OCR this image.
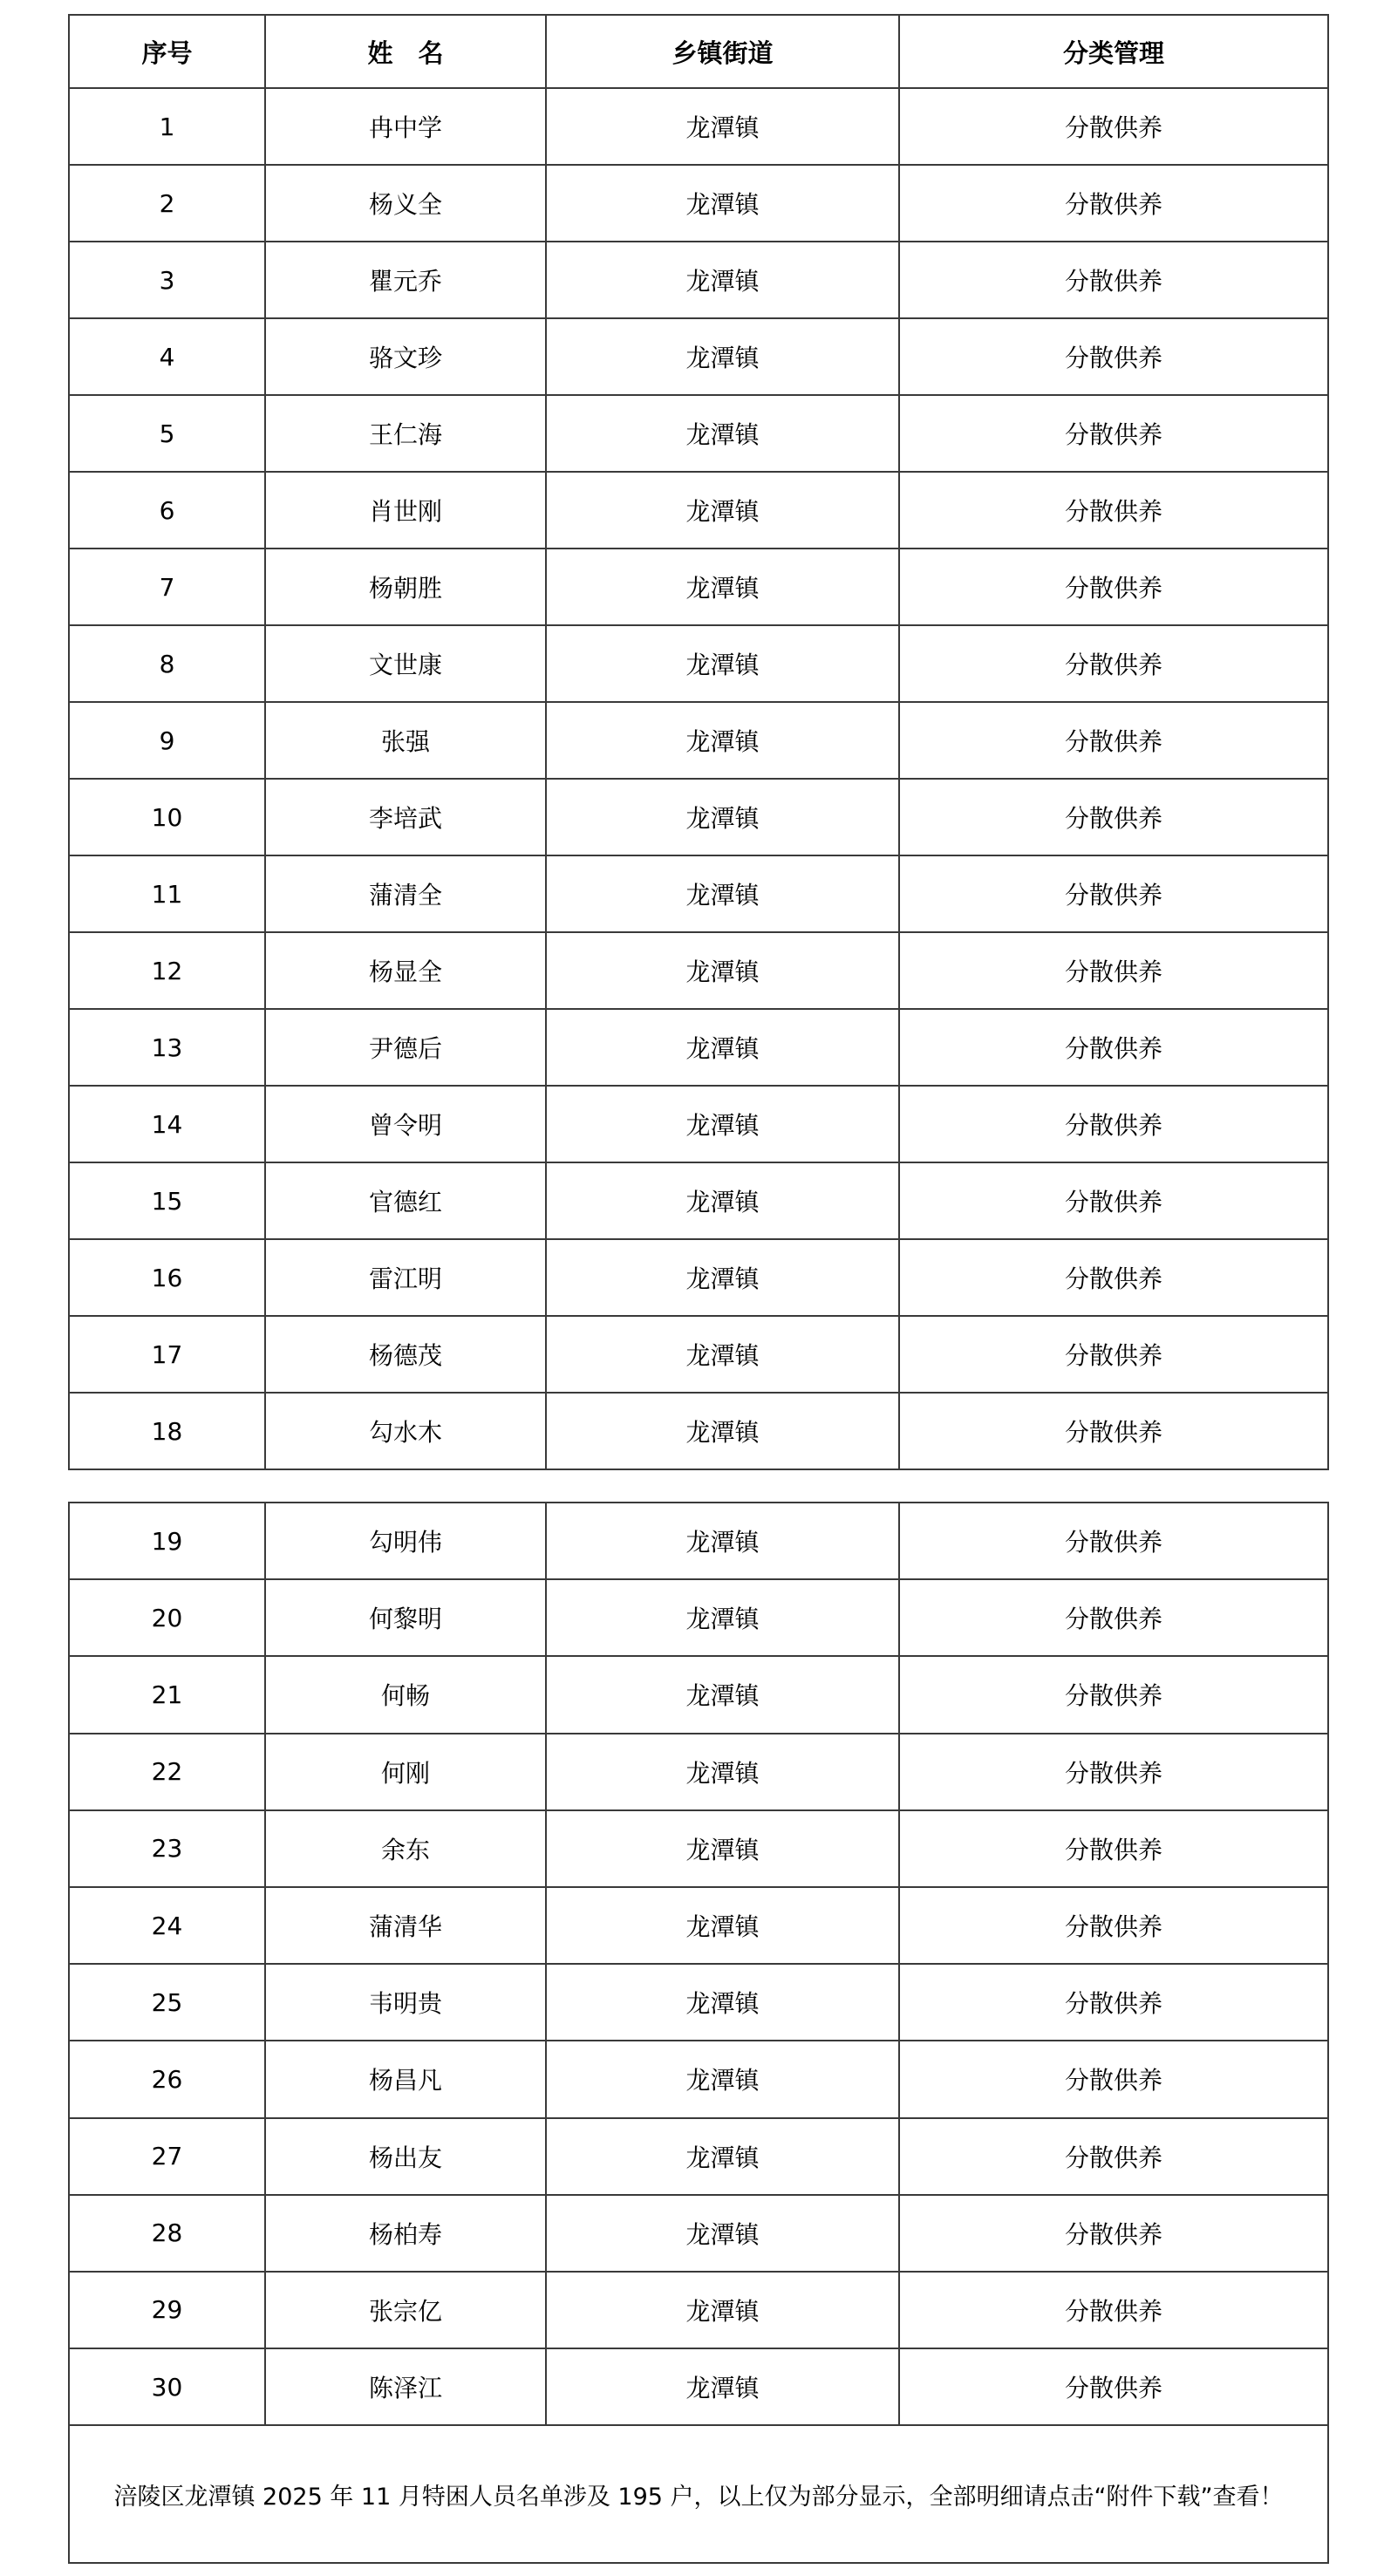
序号	姓　名	乡镇街道	分类管理
1	冉中学	龙潭镇	分散供养
2	杨义全	龙潭镇	分散供养
3	瞿元乔	龙潭镇	分散供养
4	骆文珍	龙潭镇	分散供养
5	王仁海	龙潭镇	分散供养
6	肖世刚	龙潭镇	分散供养
7	杨朝胜	龙潭镇	分散供养
8	文世康	龙潭镇	分散供养
9	张强	龙潭镇	分散供养
10	李培武	龙潭镇	分散供养
11	蒲清全	龙潭镇	分散供养
12	杨显全	龙潭镇	分散供养
13	尹德后	龙潭镇	分散供养
14	曾令明	龙潭镇	分散供养
15	官德红	龙潭镇	分散供养
16	雷江明	龙潭镇	分散供养
17	杨德茂	龙潭镇	分散供养
18	勾水木	龙潭镇	分散供养
19	勾明伟	龙潭镇	分散供养
20	何黎明	龙潭镇	分散供养
21	何畅	龙潭镇	分散供养
22	何刚	龙潭镇	分散供养
23	余东	龙潭镇	分散供养
24	蒲清华	龙潭镇	分散供养
25	韦明贵	龙潭镇	分散供养
26	杨昌凡	龙潭镇	分散供养
27	杨出友	龙潭镇	分散供养
28	杨柏寿	龙潭镇	分散供养
29	张宗亿	龙潭镇	分散供养
30	陈泽江	龙潭镇	分散供养
涪陵区龙潭镇 2025 年 11 月特困人员名单涉及 195 户，以上仅为部分显示，全部明细请点击“附件下载”查看！			
